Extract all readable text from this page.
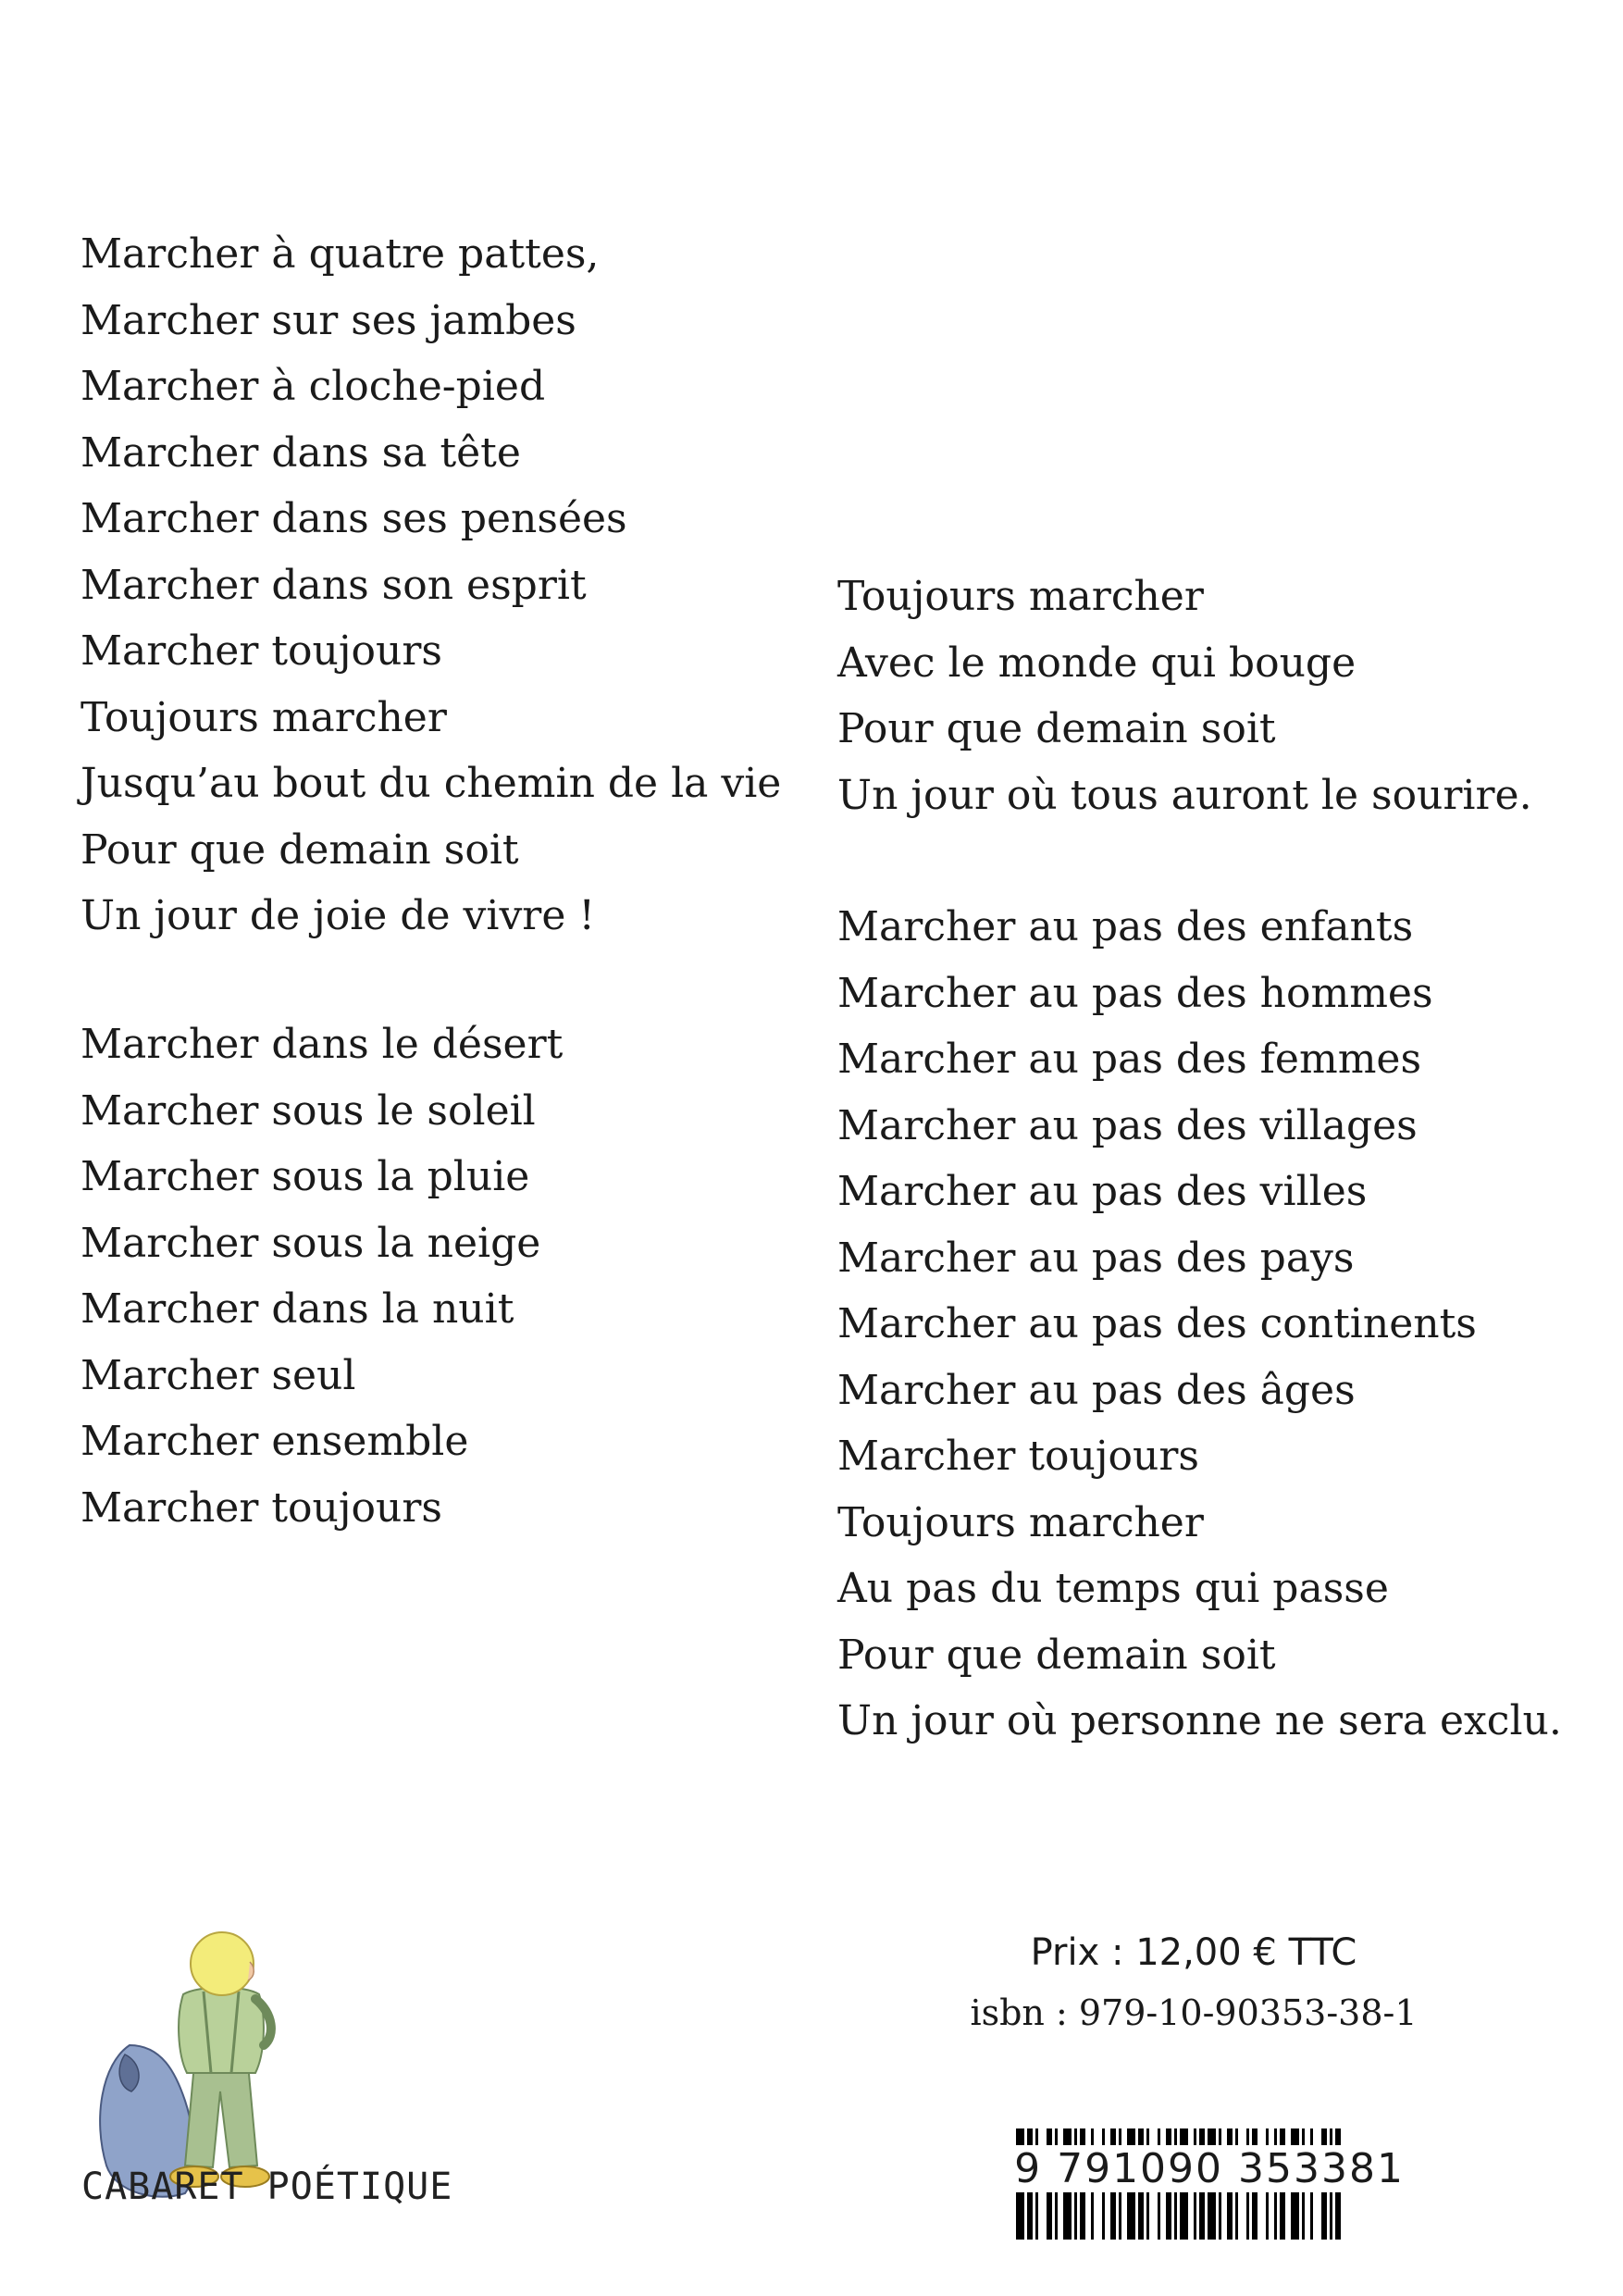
Marcher à quatre pattes,
Marcher sur ses jambes
Marcher à cloche-pied
Marcher dans sa tête
Marcher dans ses pensées
Marcher dans son esprit
Marcher toujours
Toujours marcher
Jusqu’au bout du chemin de la vie
Pour que demain soit
Un jour de joie de vivre !
Marcher dans le désert
Marcher sous le soleil
Marcher sous la pluie
Marcher sous la neige
Marcher dans la nuit
Marcher seul
Marcher ensemble
Marcher toujours
Toujours marcher
Avec le monde qui bouge
Pour que demain soit
Un jour où tous auront le sourire.
Marcher au pas des enfants
Marcher au pas des hommes
Marcher au pas des femmes
Marcher au pas des villages
Marcher au pas des villes
Marcher au pas des pays
Marcher au pas des continents
Marcher au pas des âges
Marcher toujours
Toujours marcher
Au pas du temps qui passe
Pour que demain soit
Un jour où personne ne sera exclu.
CABARET POÉTIQUE
Prix : 12,00 € TTC
isbn : 979-10-90353-38-1
9 791090 353381
